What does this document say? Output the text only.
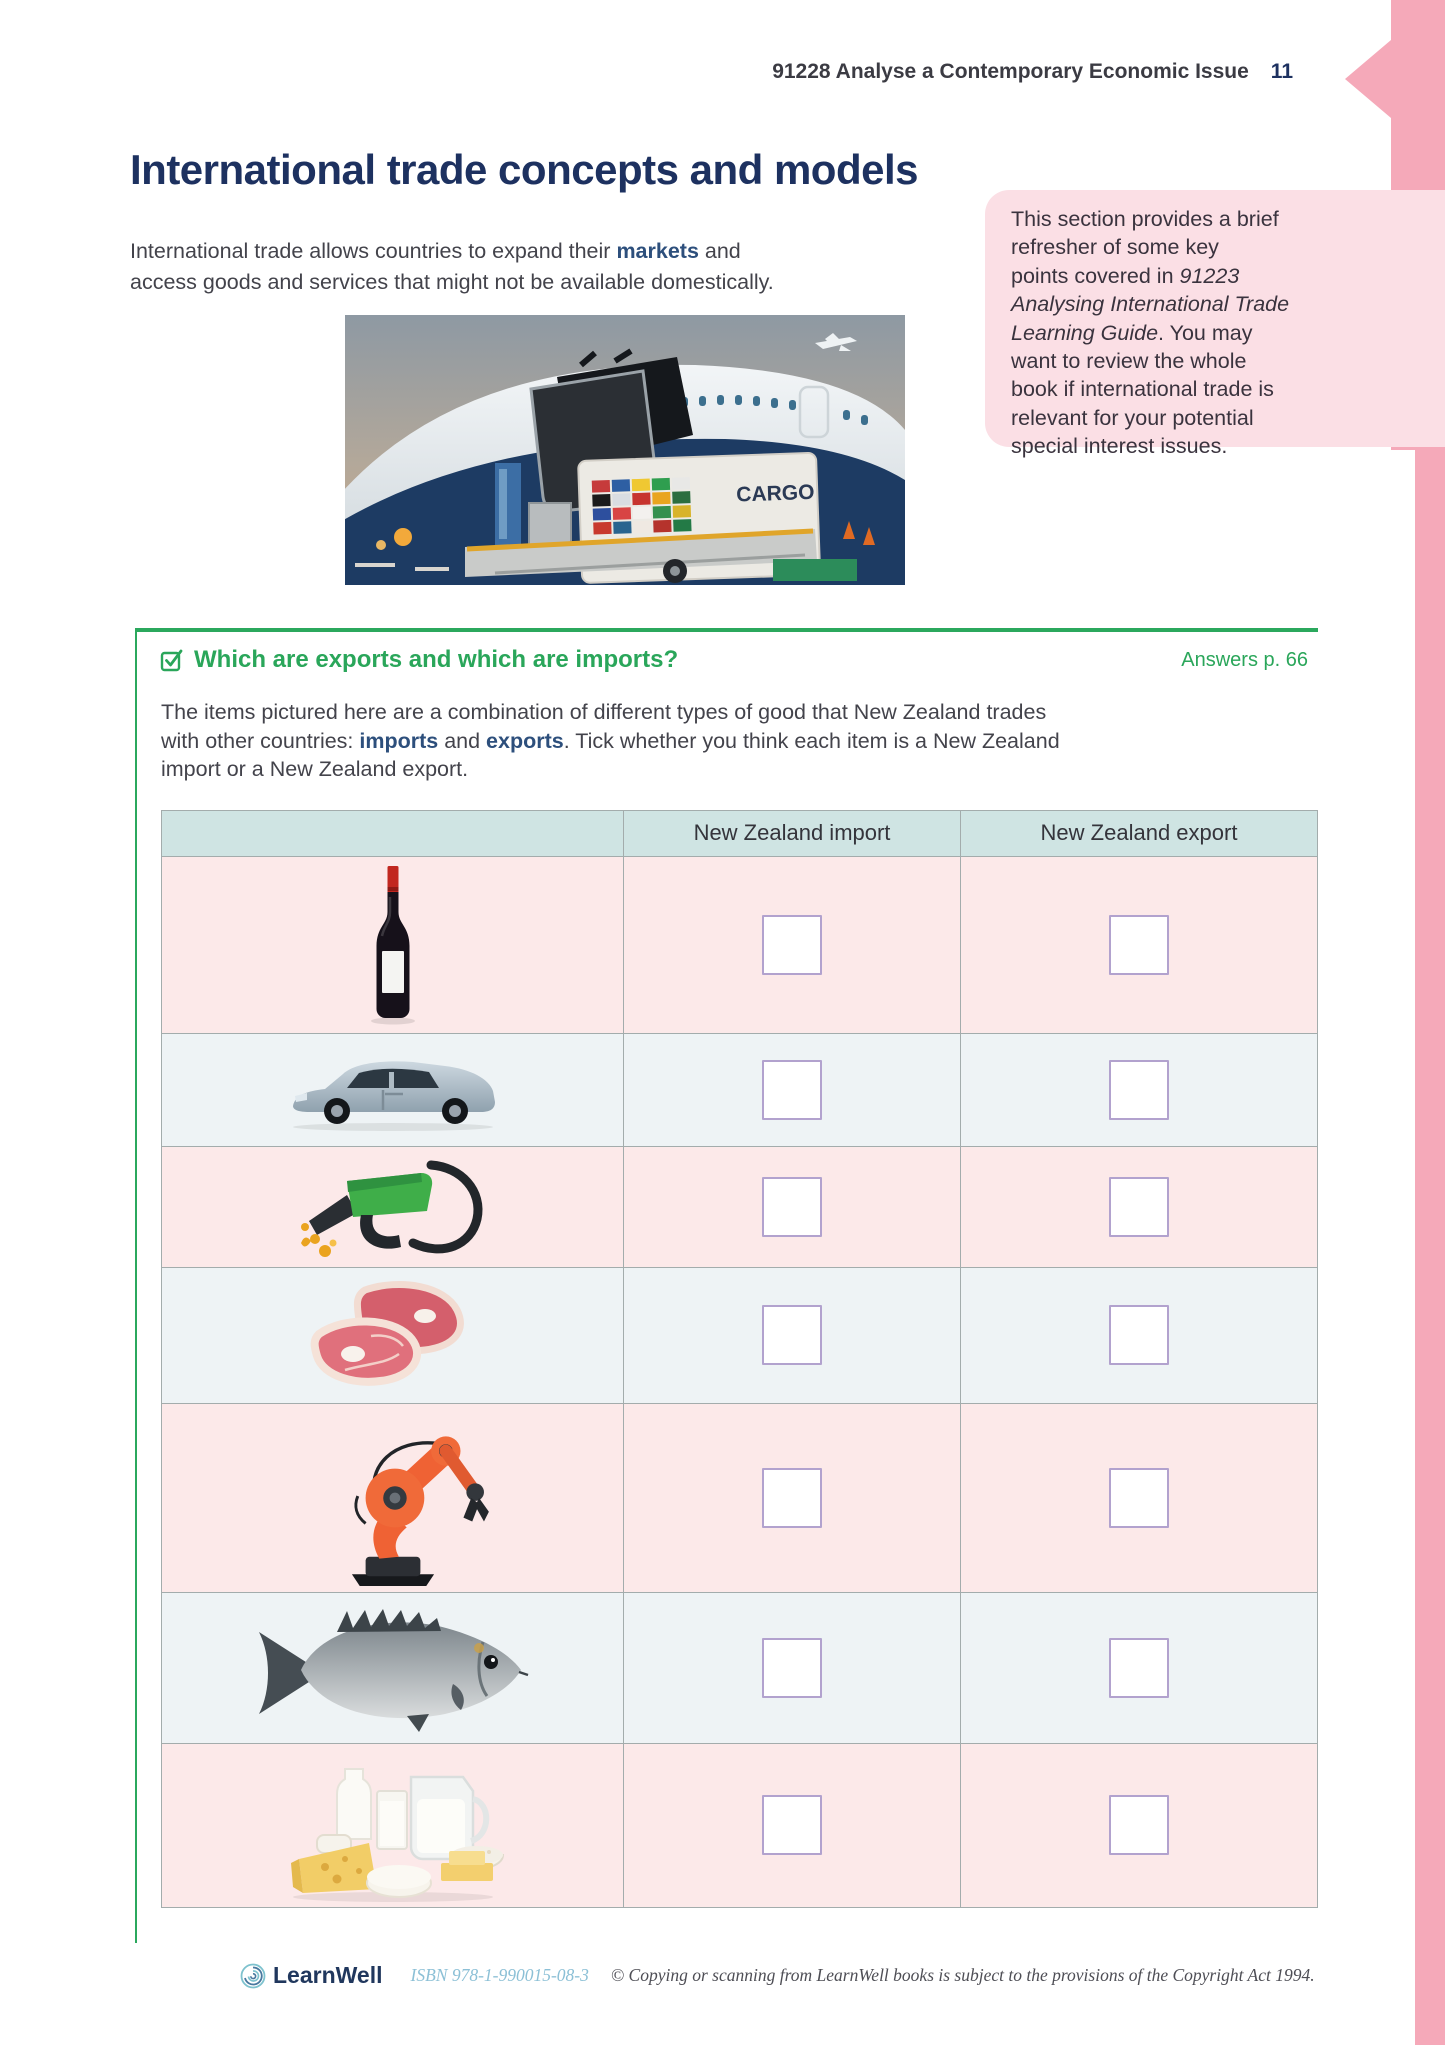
91228 Analyse a Contemporary Economic Issue 11
International trade concepts and models
International trade allows countries to expand their markets and
access goods and services that might not be available domestically.
This section provides a brief
refresher of some key
points covered in 91223
Analysing International Trade
Learning Guide. You may
want to review the whole
book if international trade is
relevant for your potential
special interest issues.
CARGO
Which are exports and which are imports?	Answers p. 66
The items pictured here are a combination of different types of good that New Zealand trades
with other countries: imports and exports. Tick whether you think each item is a New Zealand
import or a New Zealand export.
New Zealand import	New Zealand export
LearnWell ISBN 978-1-990015-08-3 © Copying or scanning from LearnWell books is subject to the provisions of the Copyright Act 1994.
